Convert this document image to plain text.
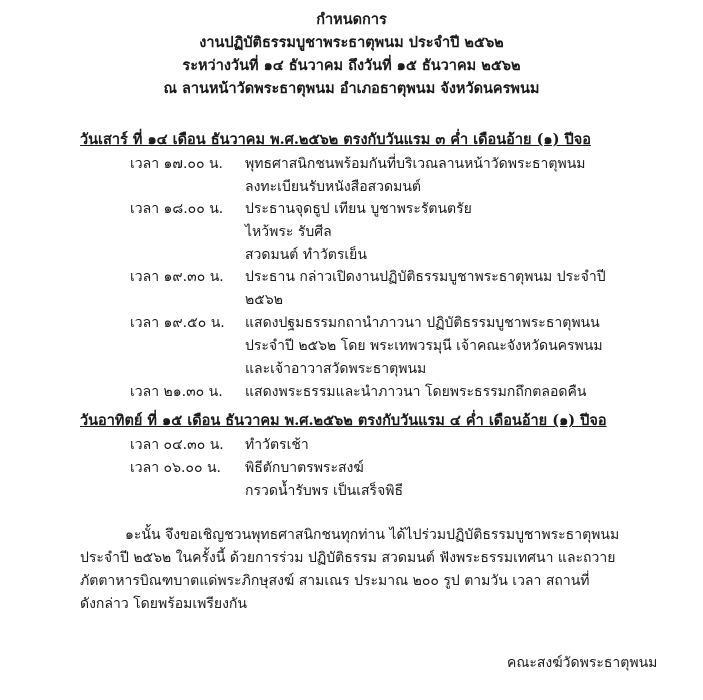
กำหนดการ
งานปฏิบัติธรรมบูชาพระธาตุพนม ประจำปี ๒๕๖๒
ระหว่างวันที่ ๑๔ ธันวาคม ถึงวันที่ ๑๕ ธันวาคม ๒๕๖๒
ณ ลานหน้าวัดพระธาตุพนม อำเภอธาตุพนม จังหวัดนครพนม
วันเสาร์ ที่ ๑๔ เดือน ธันวาคม พ.ศ.๒๕๖๒ ตรงกับวันแรม ๓ ค่ำ เดือนอ้าย (๑) ปีจอ
เวลา ๑๗.๐๐ น.	พุทธศาสนิกชนพร้อมกันที่บริเวณลานหน้าวัดพระธาตุพนม
ลงทะเบียนรับหนังสือสวดมนต์
เวลา ๑๘.๐๐ น.	ประธานจุดธูป เทียน บูชาพระรัตนตรัย
ไหว้พระ รับศีล
สวดมนต์ ทำวัตรเย็น
เวลา ๑๙.๓๐ น.	ประธาน กล่าวเปิดงานปฏิบัติธรรมบูชาพระธาตุพนม ประจำปี
๒๕๖๒
เวลา ๑๙.๕๐ น.	แสดงปฐมธรรมกถานำภาวนา ปฏิบัติธรรมบูชาพระธาตุพนน
ประจำปี ๒๕๖๒ โดย พระเทพวรมุนี เจ้าคณะจังหวัดนครพนม
และเจ้าอาวาสวัดพระธาตุพนม
เวลา ๒๑.๓๐ น.	แสดงพระธรรมและนำภาวนา โดยพระธรรมกถึกตลอดคืน
วันอาทิตย์ ที่ ๑๕ เดือน ธันวาคม พ.ศ.๒๕๖๒ ตรงกับวันแรม ๔ ค่ำ เดือนอ้าย (๑) ปีจอ
เวลา ๐๔.๓๐ น.	ทำวัตรเช้า
เวลา ๐๖.๐๐ น.	พิธีตักบาตรพระสงฆ์
กรวดน้ำรับพร เป็นเสร็จพิธี
๑ะนั้น จึงขอเชิญชวนพุทธศาสนิกชนทุกท่าน ได้ไปร่วมปฏิบัติธรรมบูชาพระธาตุพนม
ประจำปี ๒๕๖๒ ในครั้งนี้ ด้วยการร่วม ปฏิบัติธรรม สวดมนต์ ฟังพระธรรมเทศนา และถวาย
ภัตตาหารบิณฑบาตแด่พระภิกษุสงฆ์ สามเณร ประมาณ ๒๐๐ รูป ตามวัน เวลา สถานที่
ดังกล่าว โดยพร้อมเพรียงกัน
คณะสงฆ์วัดพระธาตุพนม
